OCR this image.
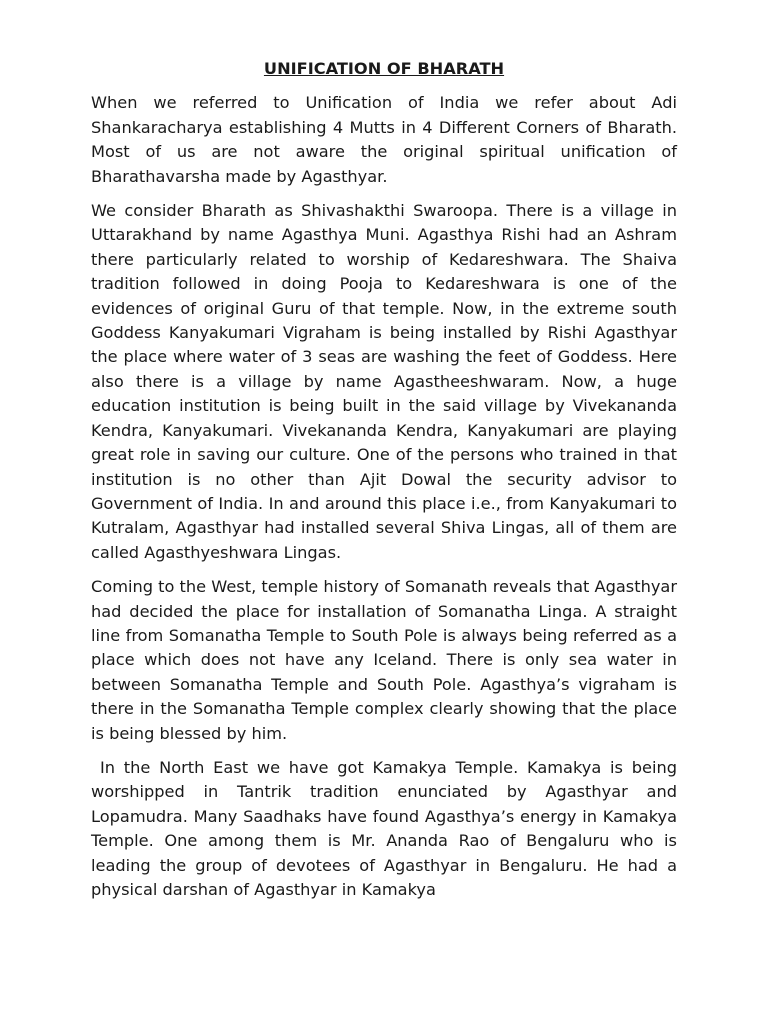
UNIFICATION OF BHARATH

When we referred to Unification of India we refer about Adi Shankaracharya establishing 4 Mutts in 4 Different Corners of Bharath. Most of us are not aware the original spiritual unification of Bharathavarsha made by Agasthyar.

We consider Bharath as Shivashakthi Swaroopa. There is a village in Uttarakhand by name Agasthya Muni. Agasthya Rishi had an Ashram there particularly related to worship of Kedareshwara. The Shaiva tradition followed in doing Pooja to Kedareshwara is one of the evidences of original Guru of that temple. Now, in the extreme south Goddess Kanyakumari Vigraham is being installed by Rishi Agasthyar the place where water of 3 seas are washing the feet of Goddess. Here also there is a village by name Agastheeshwaram. Now, a huge education institution is being built in the said village by Vivekananda Kendra, Kanyakumari. Vivekananda Kendra, Kanyakumari are playing great role in saving our culture. One of the persons who trained in that institution is no other than Ajit Dowal the security advisor to Government of India. In and around this place i.e., from Kanyakumari to Kutralam, Agasthyar had installed several Shiva Lingas, all of them are called Agasthyeshwara Lingas.

Coming to the West, temple history of Somanath reveals that Agasthyar had decided the place for installation of Somanatha Linga. A straight line from Somanatha Temple to South Pole is always being referred as a place which does not have any Iceland. There is only sea water in between Somanatha Temple and South Pole. Agasthya’s vigraham is there in the Somanatha Temple complex clearly showing that the place is being blessed by him.

In the North East we have got Kamakya Temple. Kamakya is being worshipped in Tantrik tradition enunciated by Agasthyar and Lopamudra. Many Saadhaks have found Agasthya’s energy in Kamakya Temple. One among them is Mr. Ananda Rao of Bengaluru who is leading the group of devotees of Agasthyar in Bengaluru. He had a physical darshan of Agasthyar in Kamakya
